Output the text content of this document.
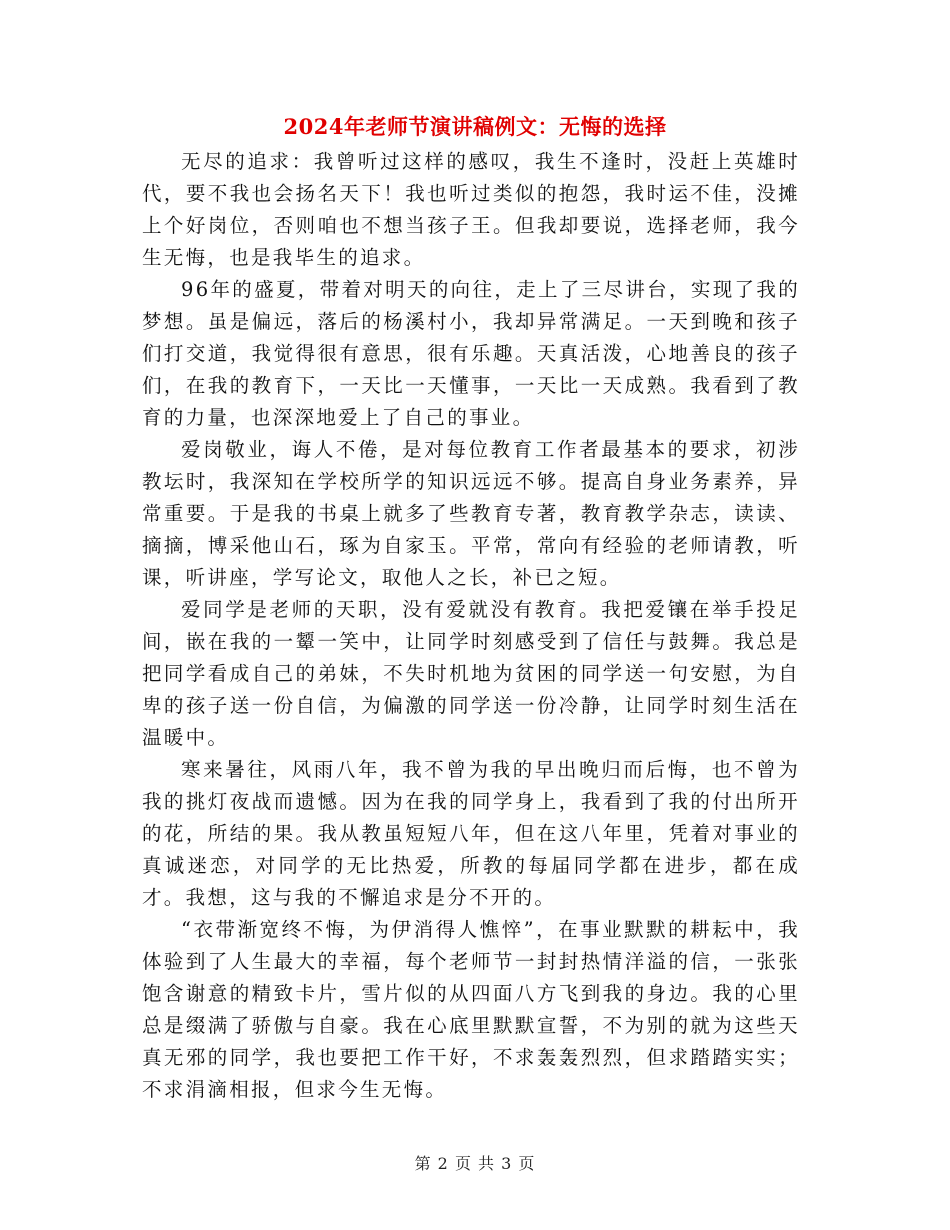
2024年老师节演讲稿例文：无悔的选择

无尽的追求：我曾听过这样的感叹，我生不逢时，没赶上英雄时代，要不我也会扬名天下！我也听过类似的抱怨，我时运不佳，没摊上个好岗位，否则咱也不想当孩子王。但我却要说，选择老师，我今生无悔，也是我毕生的追求。

96年的盛夏，带着对明天的向往，走上了三尽讲台，实现了我的梦想。虽是偏远，落后的杨溪村小，我却异常满足。一天到晚和孩子们打交道，我觉得很有意思，很有乐趣。天真活泼，心地善良的孩子们，在我的教育下，一天比一天懂事，一天比一天成熟。我看到了教育的力量，也深深地爱上了自己的事业。

爱岗敬业，诲人不倦，是对每位教育工作者最基本的要求，初涉教坛时，我深知在学校所学的知识远远不够。提高自身业务素养，异常重要。于是我的书桌上就多了些教育专著，教育教学杂志，读读、摘摘，博采他山石，琢为自家玉。平常，常向有经验的老师请教，听课，听讲座，学写论文，取他人之长，补已之短。

爱同学是老师的天职，没有爱就没有教育。我把爱镶在举手投足间，嵌在我的一颦一笑中，让同学时刻感受到了信任与鼓舞。我总是把同学看成自己的弟妹，不失时机地为贫困的同学送一句安慰，为自卑的孩子送一份自信，为偏激的同学送一份冷静，让同学时刻生活在温暖中。

寒来暑往，风雨八年，我不曾为我的早出晚归而后悔，也不曾为我的挑灯夜战而遗憾。因为在我的同学身上，我看到了我的付出所开的花，所结的果。我从教虽短短八年，但在这八年里，凭着对事业的真诚迷恋，对同学的无比热爱，所教的每届同学都在进步，都在成才。我想，这与我的不懈追求是分不开的。

“衣带渐宽终不悔，为伊消得人憔悴”，在事业默默的耕耘中，我体验到了人生最大的幸福，每个老师节一封封热情洋溢的信，一张张饱含谢意的精致卡片，雪片似的从四面八方飞到我的身边。我的心里总是缀满了骄傲与自豪。我在心底里默默宣誓，不为别的就为这些天真无邪的同学，我也要把工作干好，不求轰轰烈烈，但求踏踏实实；不求涓滴相报，但求今生无悔。

第 2 页 共 3 页
